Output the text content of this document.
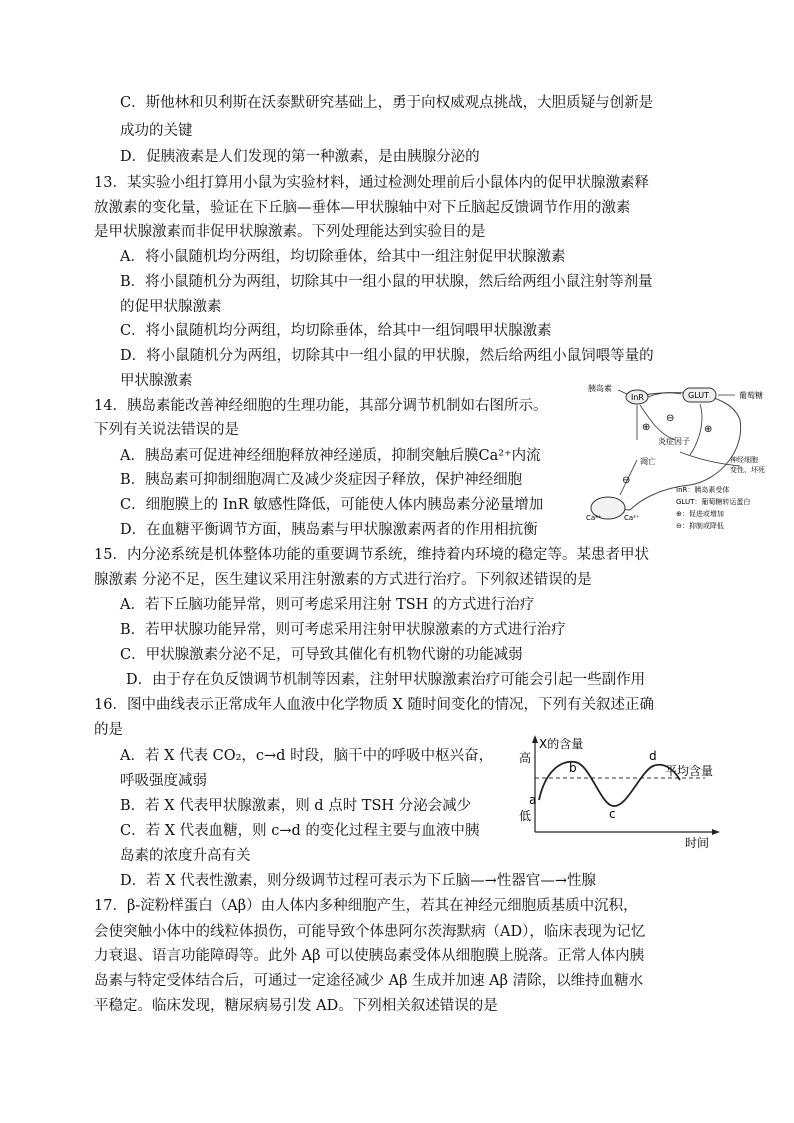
C．斯他林和贝利斯在沃泰默研究基础上，勇于向权威观点挑战，大胆质疑与创新是
成功的关键
D．促胰液素是人们发现的第一种激素，是由胰腺分泌的
13．某实验小组打算用小鼠为实验材料，通过检测处理前后小鼠体内的促甲状腺激素释
放激素的变化量，验证在下丘脑—垂体—甲状腺轴中对下丘脑起反馈调节作用的激素
是甲状腺激素而非促甲状腺激素。下列处理能达到实验目的是
A．将小鼠随机均分两组，均切除垂体，给其中一组注射促甲状腺激素
B．将小鼠随机分为两组，切除其中一组小鼠的甲状腺，然后给两组小鼠注射等剂量
的促甲状腺激素
C．将小鼠随机均分两组，均切除垂体，给其中一组饲喂甲状腺激素
D．将小鼠随机分为两组，切除其中一组小鼠的甲状腺，然后给两组小鼠饲喂等量的
甲状腺激素
14．胰岛素能改善神经细胞的生理功能，其部分调节机制如右图所示。
下列有关说法错误的是
A．胰岛素可促进神经细胞释放神经递质，抑制突触后膜Ca²⁺内流
B．胰岛素可抑制细胞凋亡及减少炎症因子释放，保护神经细胞
C．细胞膜上的 InR 敏感性降低，可能使人体内胰岛素分泌量增加
D．在血糖平衡调节方面，胰岛素与甲状腺激素两者的作用相抗衡
InR
胰岛素
GLUT	葡萄糖
⊕
⊖
⊕
⊖
炎症因子
凋亡	神经细胞
变性、坏死
Ca²⁺	Ca²⁺
InR：胰岛素受体
GLUT：葡萄糖转运蛋白
⊕：促进或增加
⊖：抑制或降低
15．内分泌系统是机体整体功能的重要调节系统，维持着内环境的稳定等。某患者甲状
腺激素 分泌不足，医生建议采用注射激素的方式进行治疗。下列叙述错误的是
A．若下丘脑功能异常，则可考虑采用注射 TSH 的方式进行治疗
B．若甲状腺功能异常，则可考虑采用注射甲状腺激素的方式进行治疗
C．甲状腺激素分泌不足，可导致其催化有机物代谢的功能减弱
D．由于存在负反馈调节机制等因素，注射甲状腺激素治疗可能会引起一些副作用
16．图中曲线表示正常成年人血液中化学物质 X 随时间变化的情况，下列有关叙述正确
的是
A．若 X 代表 CO₂，c→d 时段，脑干中的呼吸中枢兴奋，
呼吸强度减弱
B．若 X 代表甲状腺激素，则 d 点时 TSH 分泌会减少
C．若 X 代表血糖，则 c→d 的变化过程主要与血液中胰
岛素的浓度升高有关
D．若 X 代表性激素，则分级调节过程可表示为下丘脑—→性器官—→性腺
X的含量
高
低
时间
平均含量
a
b
c
d
17．β-淀粉样蛋白（Aβ）由人体内多种细胞产生，若其在神经元细胞质基质中沉积，
会使突触小体中的线粒体损伤，可能导致个体患阿尔茨海默病（AD），临床表现为记忆
力衰退、语言功能障碍等。此外 Aβ 可以使胰岛素受体从细胞膜上脱落。正常人体内胰
岛素与特定受体结合后，可通过一定途径减少 Aβ 生成并加速 Aβ 清除，以维持血糖水
平稳定。临床发现，糖尿病易引发 AD。下列相关叙述错误的是
